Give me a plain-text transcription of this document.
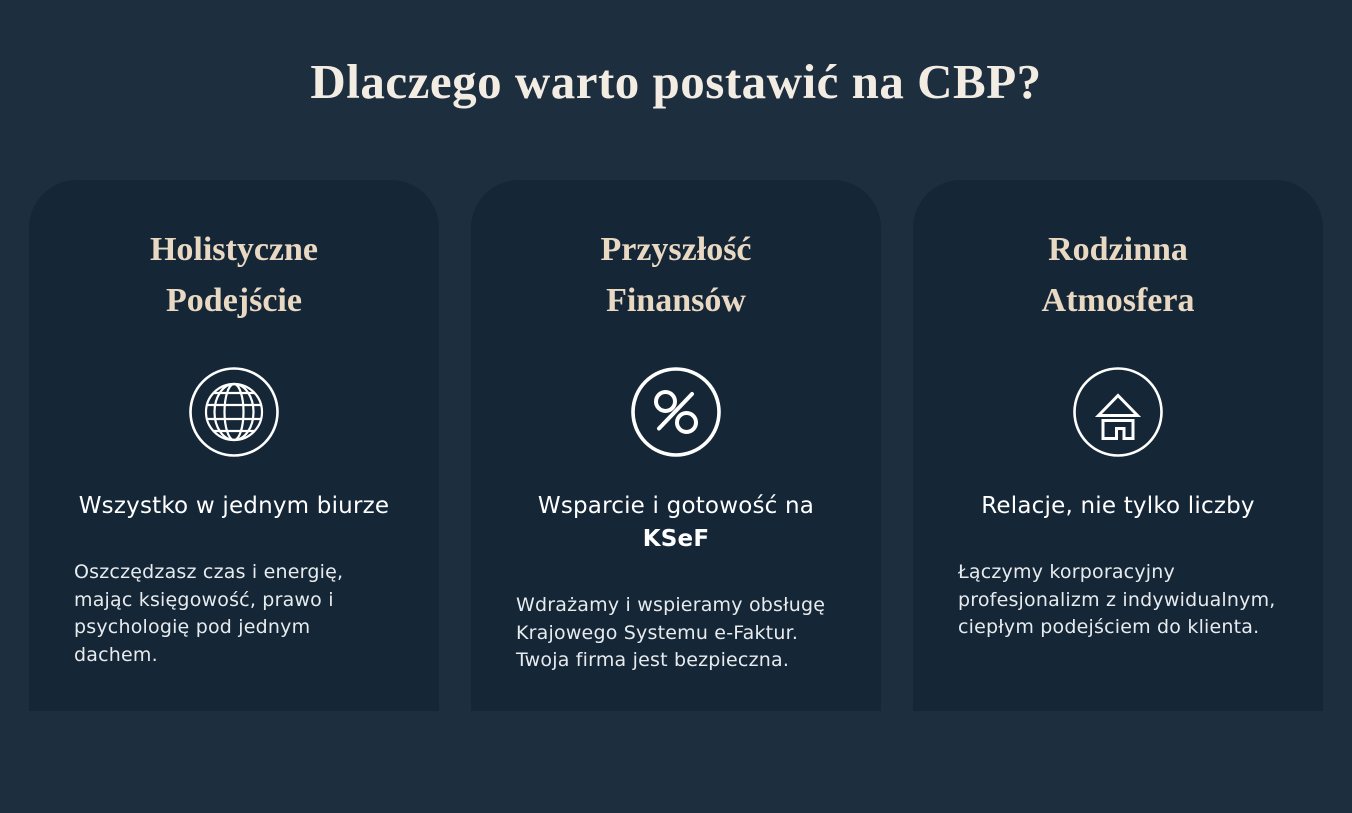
Dlaczego warto postawić na CBP?
Holistyczne
Podejście
Wszystko w jednym biurze
Oszczędzasz czas i energię,
mając księgowość, prawo i
psychologię pod jednym
dachem.
Przyszłość
Finansów
Wsparcie i gotowość na
KSeF
Wdrażamy i wspieramy obsługę
Krajowego Systemu e-Faktur.
Twoja firma jest bezpieczna.
Rodzinna
Atmosfera
Relacje, nie tylko liczby
Łączymy korporacyjny
profesjonalizm z indywidualnym,
ciepłym podejściem do klienta.
